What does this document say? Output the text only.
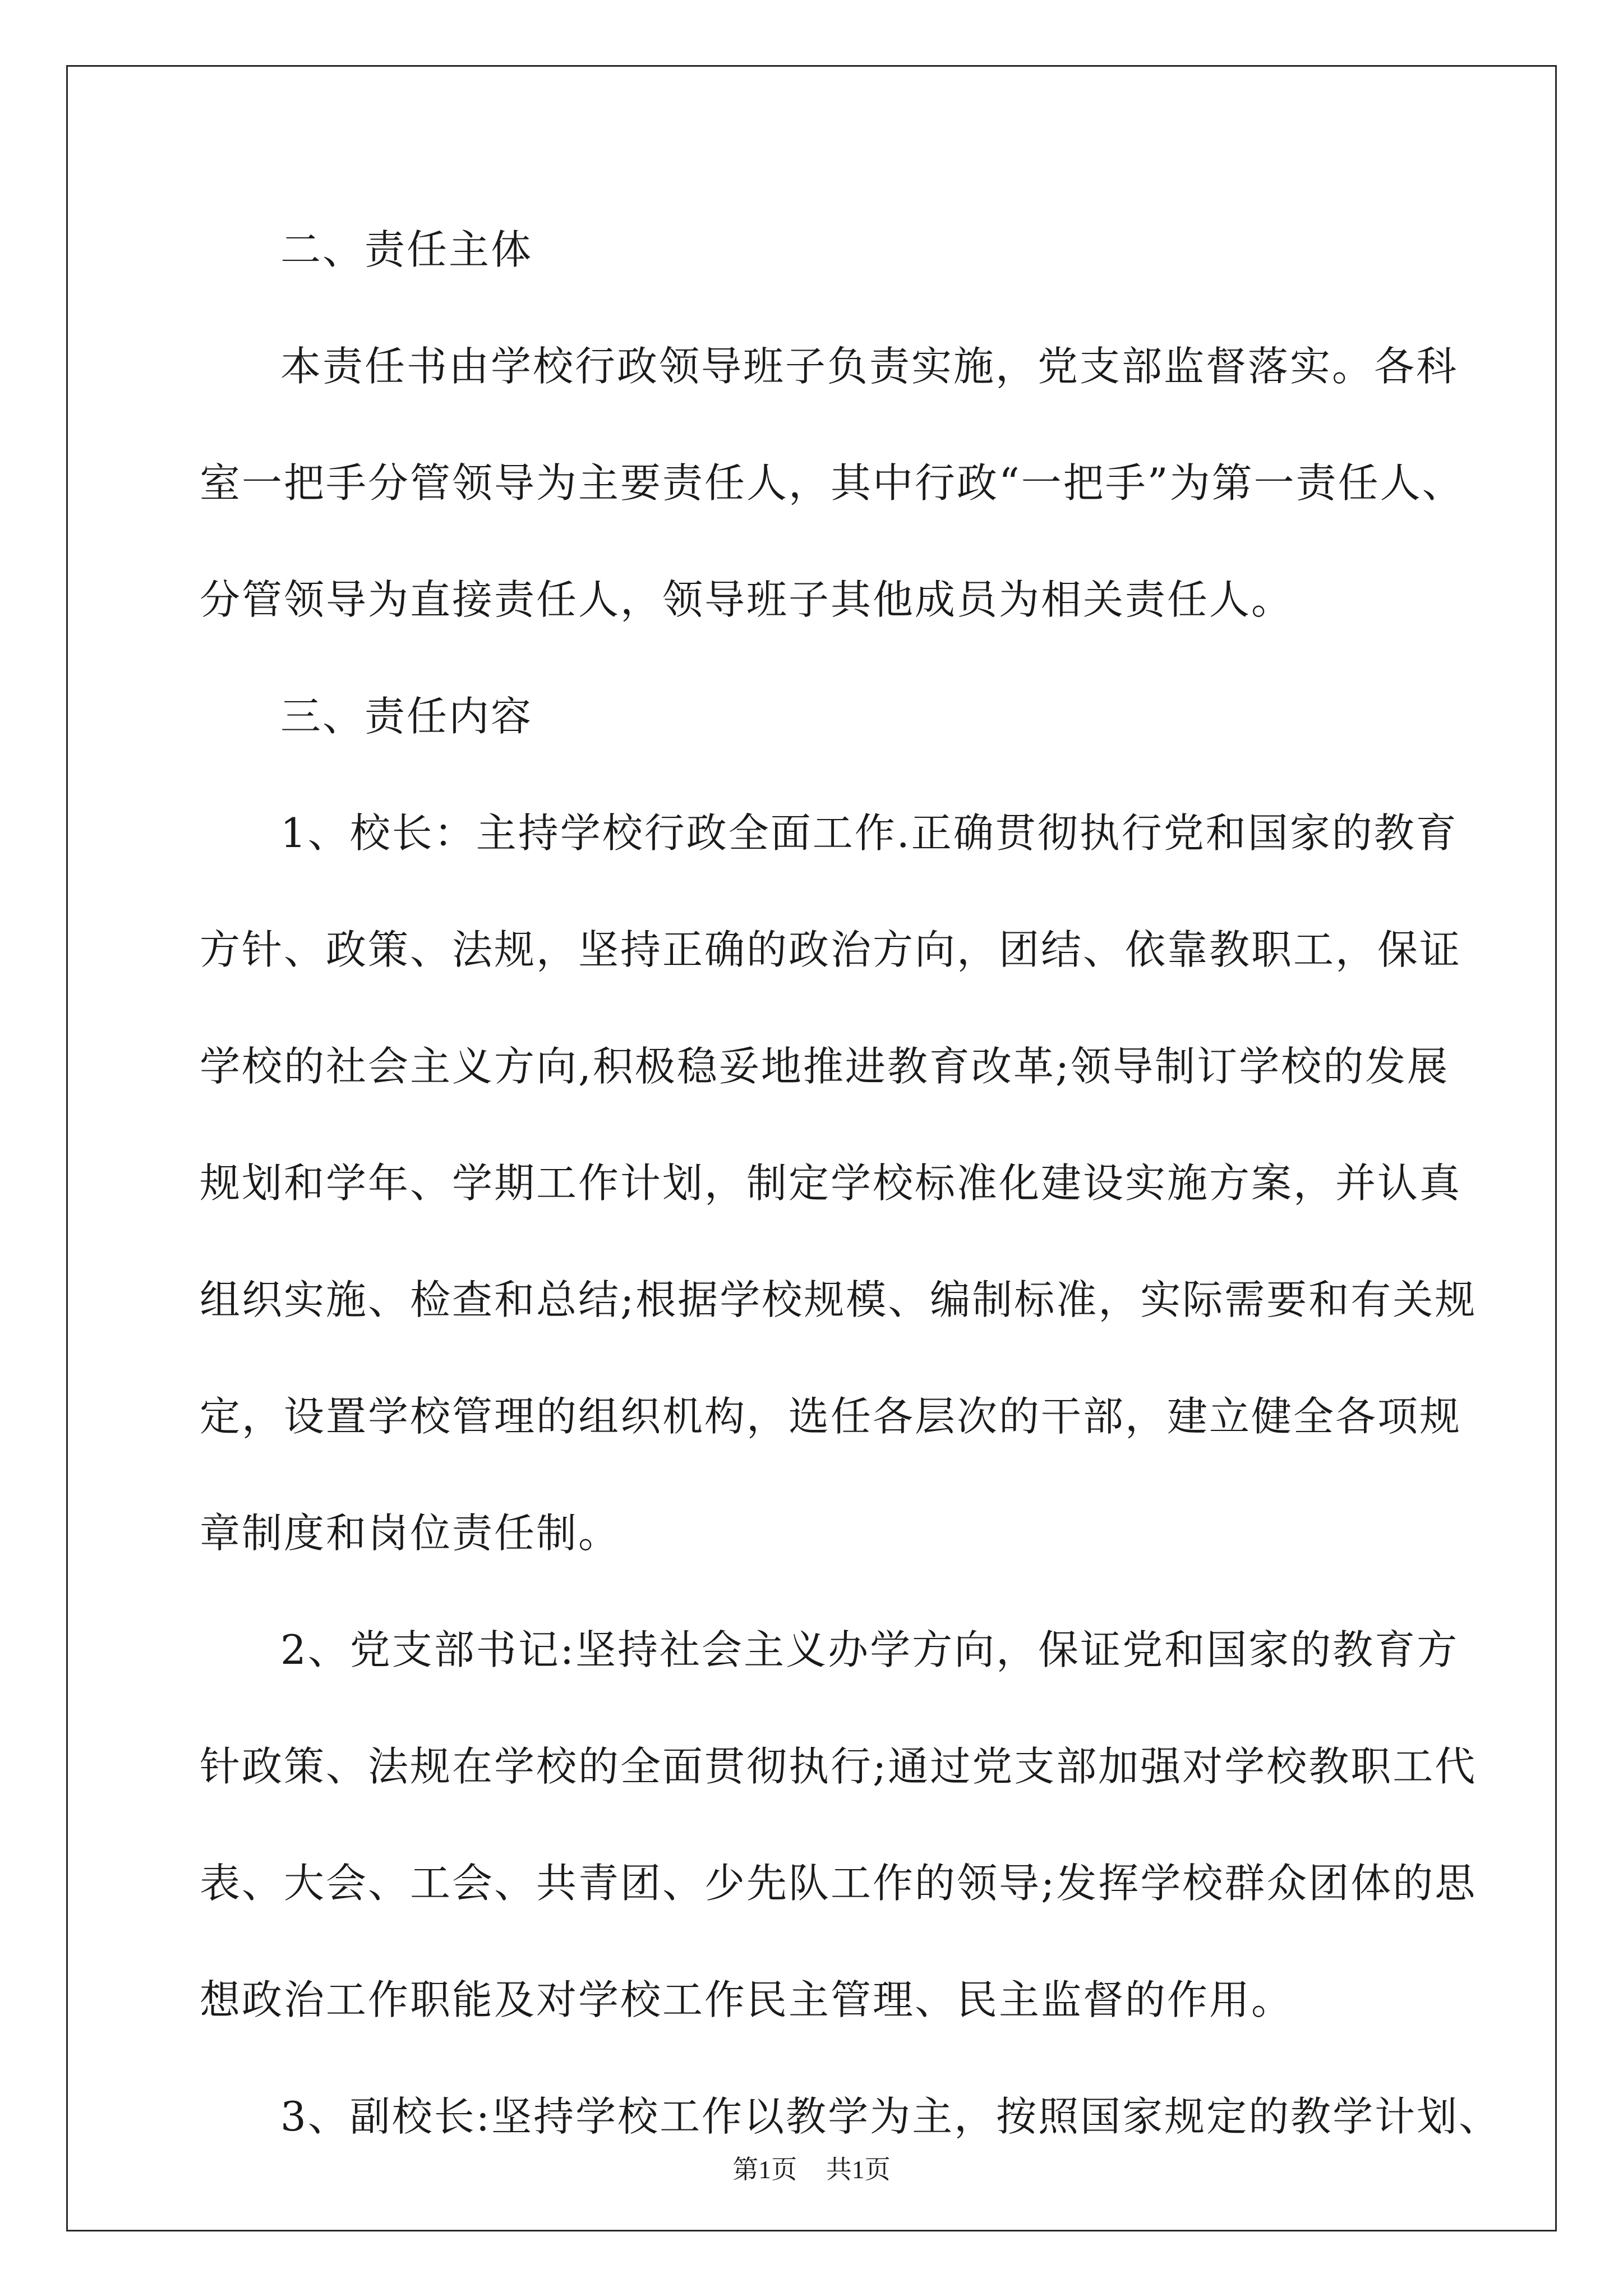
二、责任主体
本责任书由学校行政领导班子负责实施，党支部监督落实。各科
室一把手分管领导为主要责任人，其中行政“一把手”为第一责任人、
分管领导为直接责任人，领导班子其他成员为相关责任人。
三、责任内容
1、校长：主持学校行政全面工作.正确贯彻执行党和国家的教育
方针、政策、法规，坚持正确的政治方向，团结、依靠教职工，保证
学校的社会主义方向,积极稳妥地推进教育改革;领导制订学校的发展
规划和学年、学期工作计划，制定学校标准化建设实施方案，并认真
组织实施、检查和总结;根据学校规模、编制标准，实际需要和有关规
定，设置学校管理的组织机构，选任各层次的干部，建立健全各项规
章制度和岗位责任制。
2、党支部书记:坚持社会主义办学方向，保证党和国家的教育方
针政策、法规在学校的全面贯彻执行;通过党支部加强对学校教职工代
表、大会、工会、共青团、少先队工作的领导;发挥学校群众团体的思
想政治工作职能及对学校工作民主管理、民主监督的作用。
3、副校长:坚持学校工作以教学为主，按照国家规定的教学计划、
第1页 共1页
